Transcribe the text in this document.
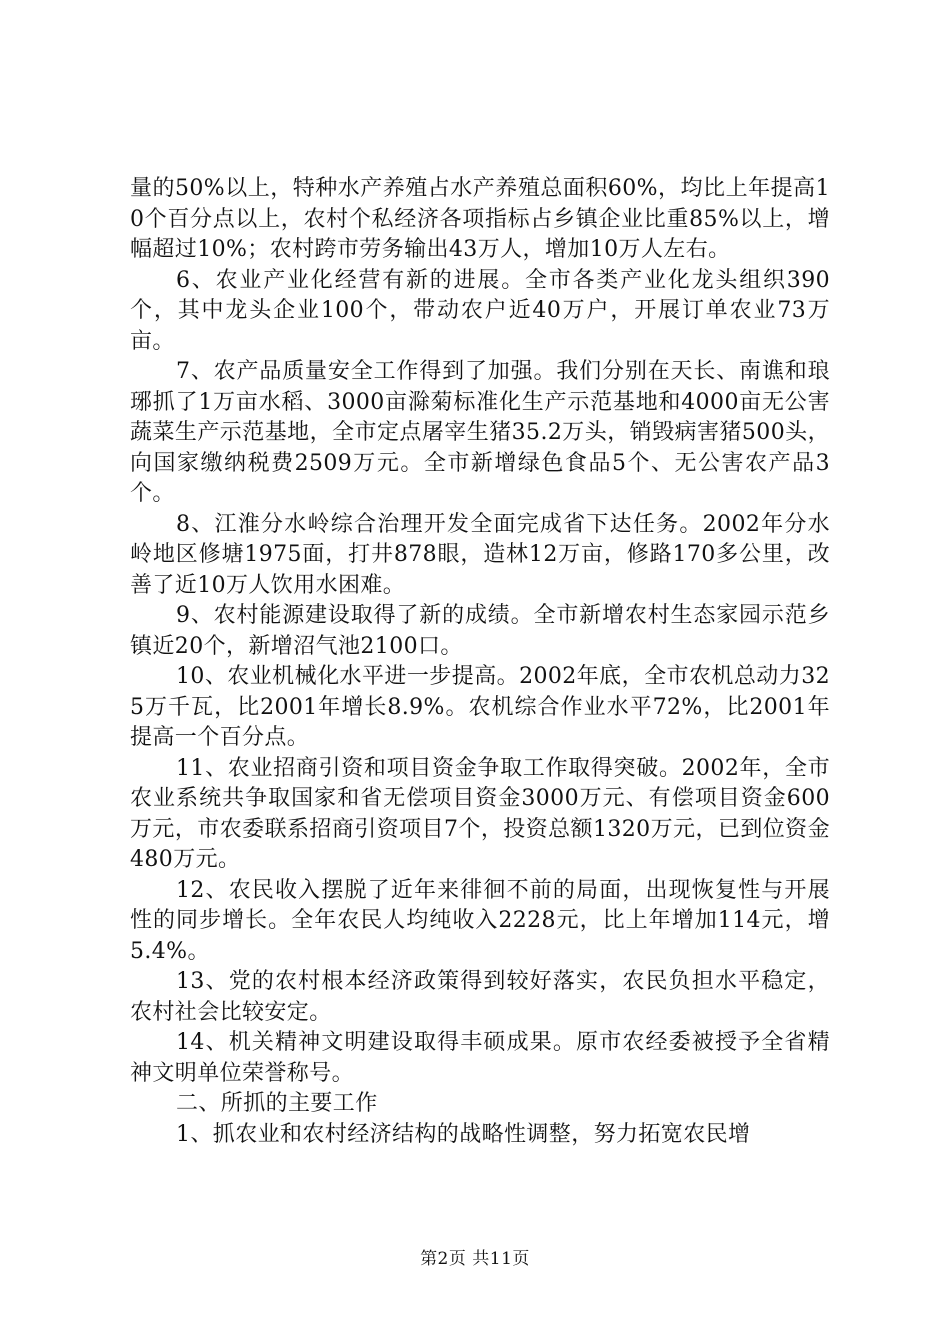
量的50%以上，特种水产养殖占水产养殖总面积60%，均比上年提高10个百分点以上，农村个私经济各项指标占乡镇企业比重85%以上，增幅超过10%；农村跨市劳务输出43万人，增加10万人左右。

6、农业产业化经营有新的进展。全市各类产业化龙头组织390个，其中龙头企业100个，带动农户近40万户，开展订单农业73万亩。

7、农产品质量安全工作得到了加强。我们分别在天长、南谯和琅琊抓了1万亩水稻、3000亩滁菊标准化生产示范基地和4000亩无公害蔬菜生产示范基地，全市定点屠宰生猪35.2万头，销毁病害猪500头，向国家缴纳税费2509万元。全市新增绿色食品5个、无公害农产品3个。

8、江淮分水岭综合治理开发全面完成省下达任务。2002年分水岭地区修塘1975面，打井878眼，造林12万亩，修路170多公里，改善了近10万人饮用水困难。

9、农村能源建设取得了新的成绩。全市新增农村生态家园示范乡镇近20个，新增沼气池2100口。

10、农业机械化水平进一步提高。2002年底，全市农机总动力325万千瓦，比2001年增长8.9%。农机综合作业水平72%，比2001年提高一个百分点。

11、农业招商引资和项目资金争取工作取得突破。2002年，全市农业系统共争取国家和省无偿项目资金3000万元、有偿项目资金600万元，市农委联系招商引资项目7个，投资总额1320万元，已到位资金480万元。

12、农民收入摆脱了近年来徘徊不前的局面，出现恢复性与开展性的同步增长。全年农民人均纯收入2228元，比上年增加114元，增5.4%。

13、党的农村根本经济政策得到较好落实，农民负担水平稳定，农村社会比较安定。

14、机关精神文明建设取得丰硕成果。原市农经委被授予全省精神文明单位荣誉称号。

二、所抓的主要工作

1、抓农业和农村经济结构的战略性调整，努力拓宽农民增

第2页 共11页
